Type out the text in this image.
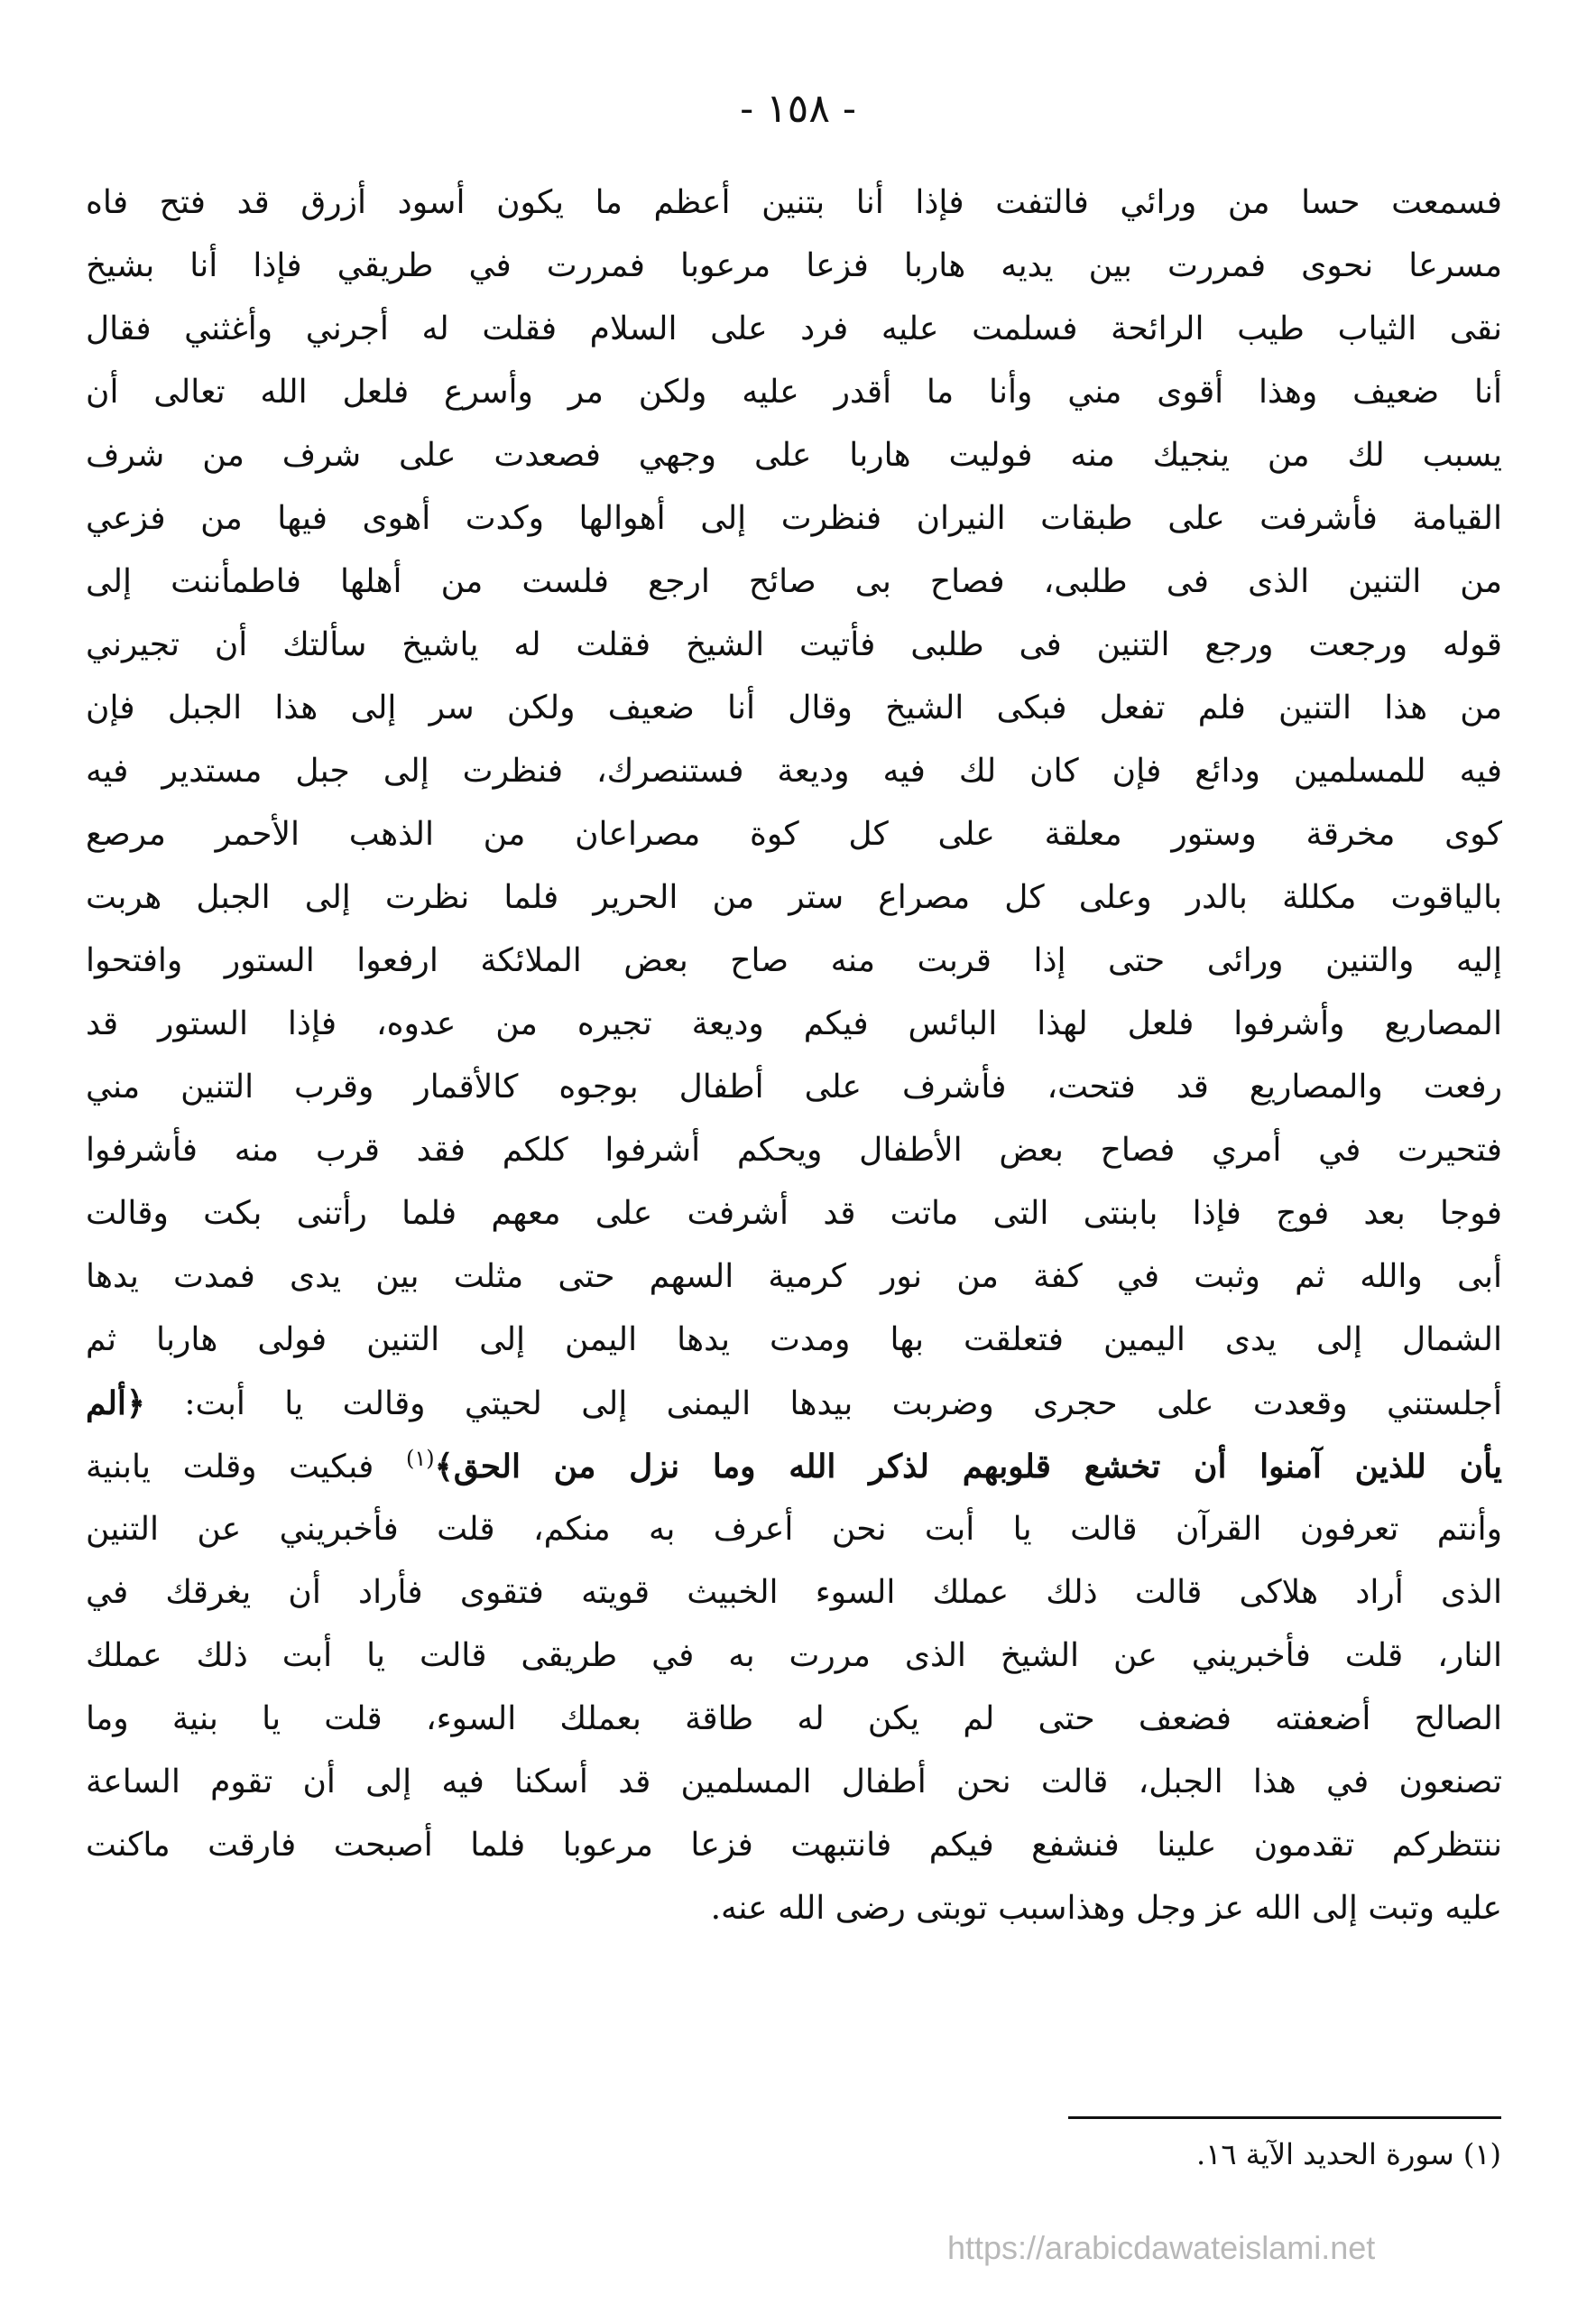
- ١٥٨ -
فسمعت حسا من ورائي فالتفت فإذا أنا بتنين أعظم ما يكون أسود أزرق قد فتح فاه
مسرعا نحوى فمررت بين يديه هاربا فزعا مرعوبا فمررت في طريقي فإذا أنا بشيخ
نقى الثياب طيب الرائحة فسلمت عليه فرد على السلام فقلت له أجرني وأغثني فقال
أنا ضعيف وهذا أقوى مني وأنا ما أقدر عليه ولكن مر وأسرع فلعل الله تعالى أن
يسبب لك من ينجيك منه فوليت هاربا على وجهي فصعدت على شرف من شرف
القيامة فأشرفت على طبقات النيران فنظرت إلى أهوالها وكدت أهوى فيها من فزعي
من التنين الذى فى طلبى، فصاح بى صائح ارجع فلست من أهلها فاطمأننت إلى
قوله ورجعت ورجع التنين فى طلبى فأتيت الشيخ فقلت له ياشيخ سألتك أن تجيرني
من هذا التنين فلم تفعل فبكى الشيخ وقال أنا ضعيف ولكن سر إلى هذا الجبل فإن
فيه للمسلمين ودائع فإن كان لك فيه وديعة فستنصرك، فنظرت إلى جبل مستدير فيه
كوى مخرقة وستور معلقة على كل كوة مصراعان من الذهب الأحمر مرصع
بالياقوت مكللة بالدر وعلى كل مصراع ستر من الحرير فلما نظرت إلى الجبل هربت
إليه والتنين ورائى حتى إذا قربت منه صاح بعض الملائكة ارفعوا الستور وافتحوا
المصاريع وأشرفوا فلعل لهذا البائس فيكم وديعة تجيره من عدوه، فإذا الستور قد
رفعت والمصاريع قد فتحت، فأشرف على أطفال بوجوه كالأقمار وقرب التنين مني
فتحيرت في أمري فصاح بعض الأطفال ويحكم أشرفوا كلكم فقد قرب منه فأشرفوا
فوجا بعد فوج فإذا بابنتى التى ماتت قد أشرفت على معهم فلما رأتنى بكت وقالت
أبى والله ثم وثبت في كفة من نور كرمية السهم حتى مثلت بين يدى فمدت يدها
الشمال إلى يدى اليمين فتعلقت بها ومدت يدها اليمن إلى التنين فولى هاربا ثم
أجلستني وقعدت على حجرى وضربت بيدها اليمنى إلى لحيتي وقالت يا أبت: ﴿ألم
يأن للذين آمنوا أن تخشع قلوبهم لذكر الله وما نزل من الحق﴾$^{(١)}$ فبكيت وقلت يابنية
وأنتم تعرفون القرآن قالت يا أبت نحن أعرف به منكم، قلت فأخبريني عن التنين
الذى أراد هلاكى قالت ذلك عملك السوء الخبيث قويته فتقوى فأراد أن يغرقك في
النار، قلت فأخبريني عن الشيخ الذى مررت به في طريقى قالت يا أبت ذلك عملك
الصالح أضعفته فضعف حتى لم يكن له طاقة بعملك السوء، قلت يا بنية وما
تصنعون في هذا الجبل، قالت نحن أطفال المسلمين قد أسكنا فيه إلى أن تقوم الساعة
ننتظركم تقدمون علينا فنشفع فيكم فانتبهت فزعا مرعوبا فلما أصبحت فارقت ماكنت
عليه وتبت إلى الله عز وجل وهذاسبب توبتى رضى الله عنه.
(١) سورة الحديد الآية ١٦.
https://arabicdawateislami.net
